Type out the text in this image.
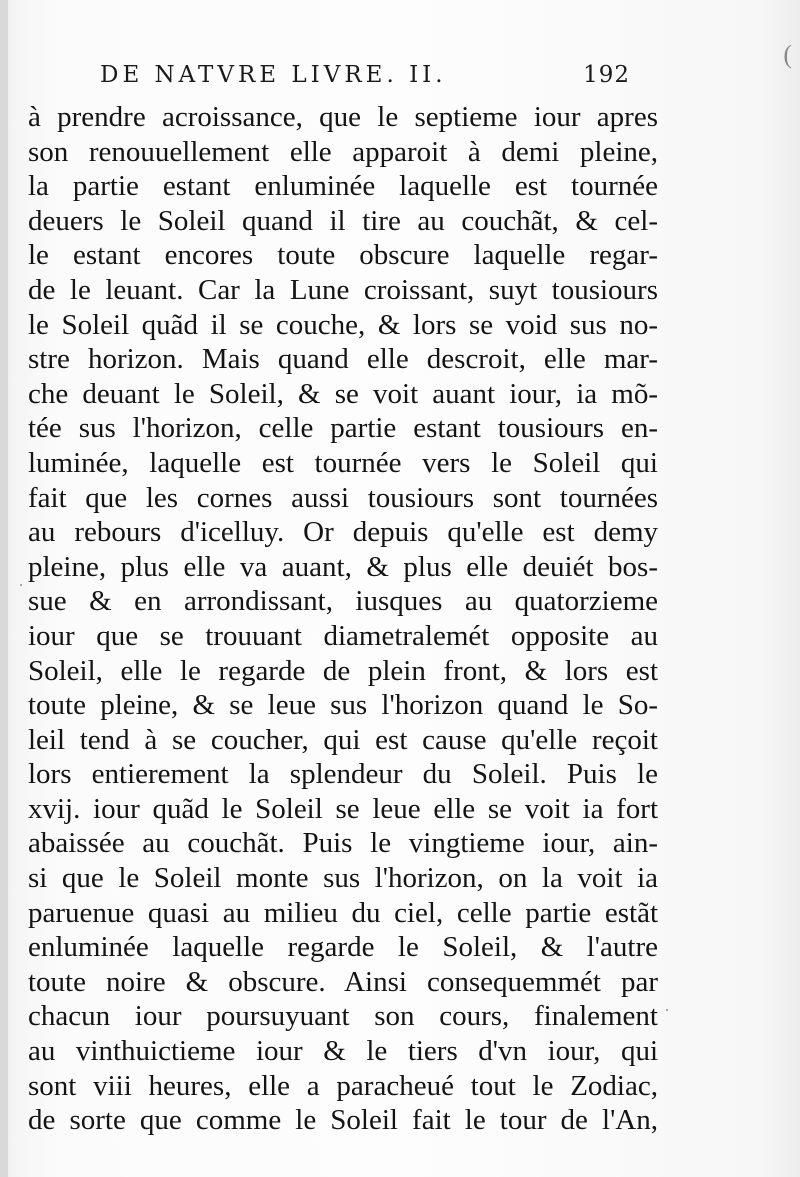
(
·
·
DE NATVRE LIVRE. II.	192
à prendre acroissance, que le septieme iour apres
son renouuellement elle apparoit à demi pleine,
la partie estant enluminée laquelle est tournée
deuers le Soleil quand il tire au couchãt, & cel-
le estant encores toute obscure laquelle regar-
de le leuant. Car la Lune croissant, suyt tousiours
le Soleil quãd il se couche, & lors se void sus no-
stre horizon. Mais quand elle descroit, elle mar-
che deuant le Soleil, & se voit auant iour, ia mõ-
tée sus l'horizon, celle partie estant tousiours en-
luminée, laquelle est tournée vers le Soleil qui
fait que les cornes aussi tousiours sont tournées
au rebours d'icelluy. Or depuis qu'elle est demy
pleine, plus elle va auant, & plus elle deuiét bos-
sue & en arrondissant, iusques au quatorzieme
iour que se trouuant diametralemét opposite au
Soleil, elle le regarde de plein front, & lors est
toute pleine, & se leue sus l'horizon quand le So-
leil tend à se coucher, qui est cause qu'elle reçoit
lors entierement la splendeur du Soleil. Puis le
xvij. iour quãd le Soleil se leue elle se voit ia fort
abaissée au couchãt. Puis le vingtieme iour, ain-
si que le Soleil monte sus l'horizon, on la voit ia
paruenue quasi au milieu du ciel, celle partie estãt
enluminée laquelle regarde le Soleil, & l'autre
toute noire & obscure. Ainsi consequemmét par
chacun iour poursuyuant son cours, finalement
au vinthuictieme iour & le tiers d'vn iour, qui
sont viii heures, elle a paracheué tout le Zodiac,
de sorte que comme le Soleil fait le tour de l'An,
